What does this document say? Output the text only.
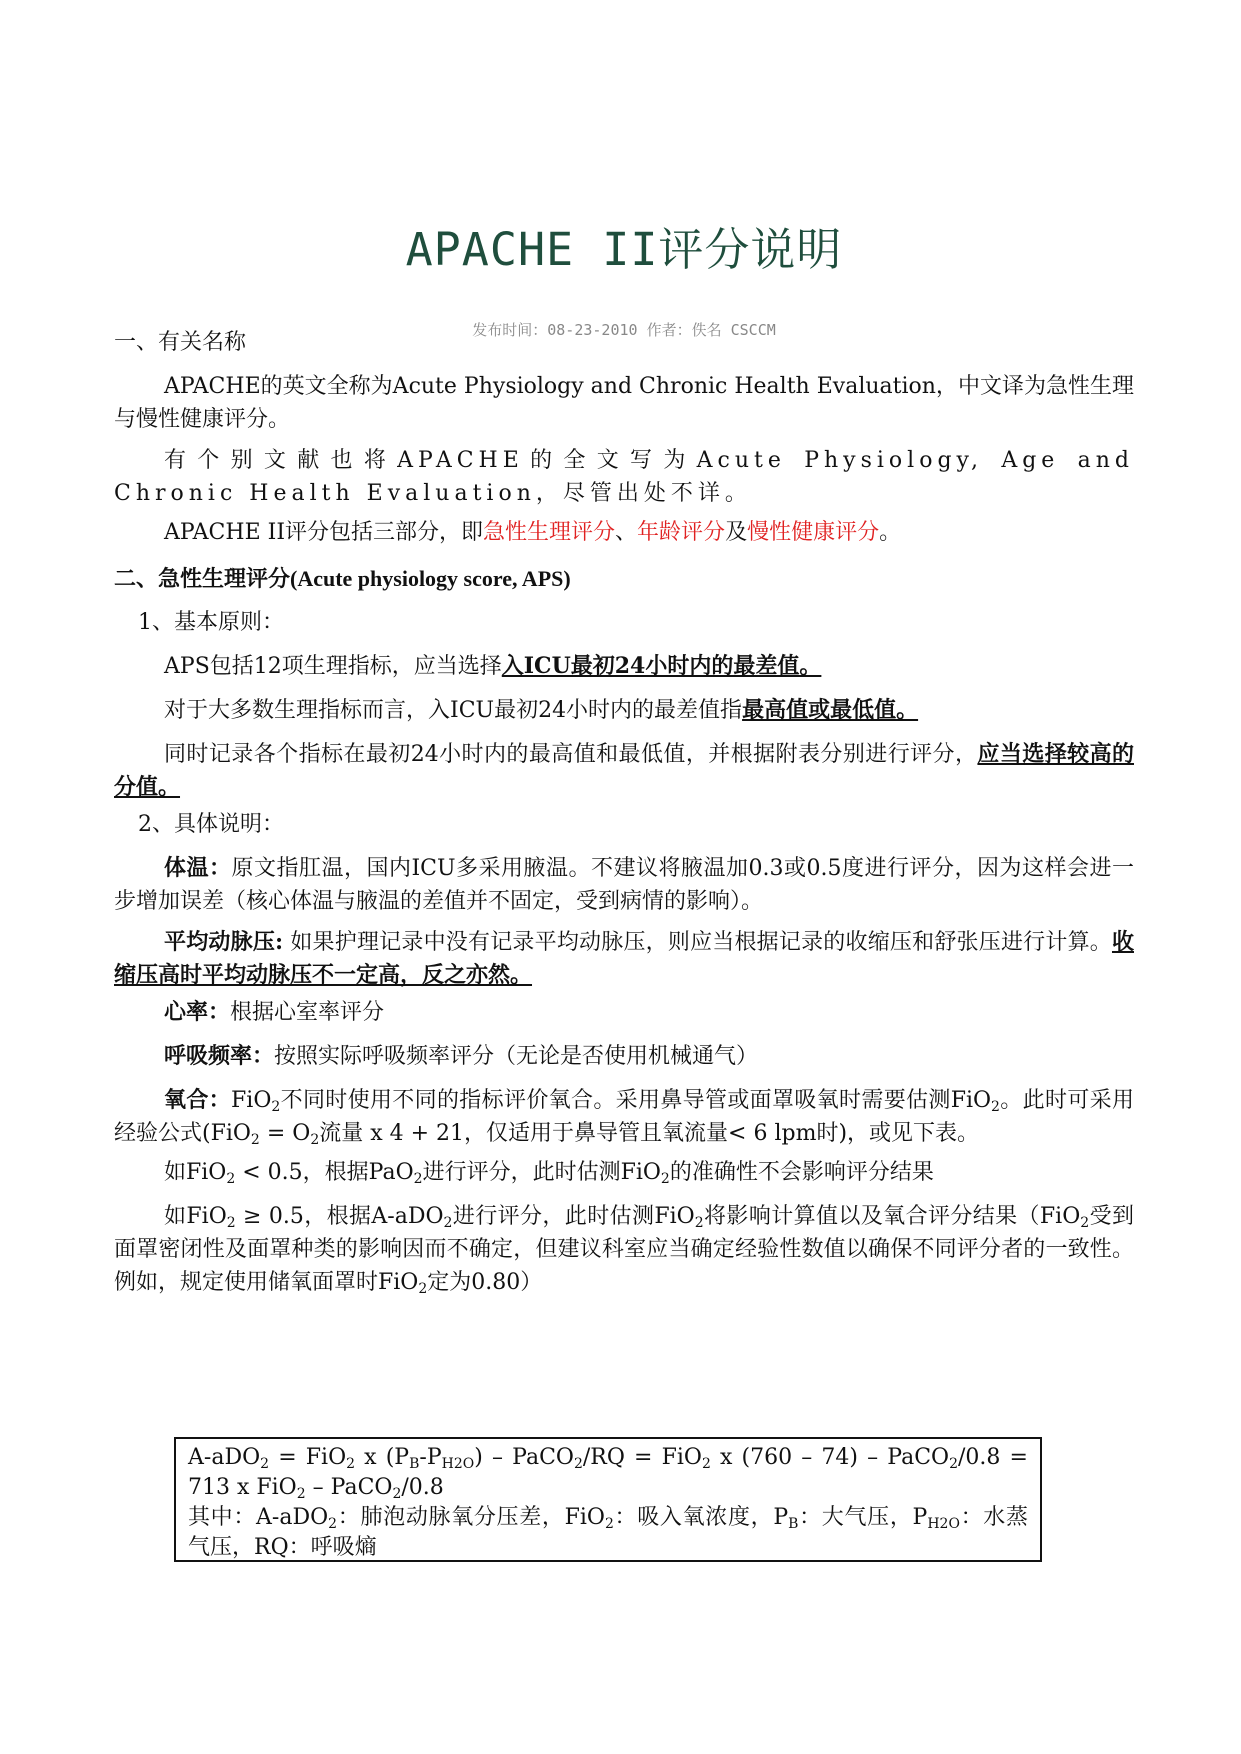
APACHE II评分说明
发布时间：08-23-2010 作者：佚名 CSCCM

一、有关名称

APACHE的英文全称为Acute Physiology and Chronic Health Evaluation，中文译为急性生理与慢性健康评分。

有个别文献也将APACHE的全文写为Acute Physiology, Age and Chronic Health Evaluation，尽管出处不详。

APACHE II评分包括三部分，即急性生理评分、年龄评分及慢性健康评分。

二、急性生理评分(Acute physiology score, APS)

1、基本原则：

APS包括12项生理指标，应当选择入ICU最初24小时内的最差值。

对于大多数生理指标而言，入ICU最初24小时内的最差值指最高值或最低值。

同时记录各个指标在最初24小时内的最高值和最低值，并根据附表分别进行评分，应当选择较高的分值。

2、具体说明：

体温：原文指肛温，国内ICU多采用腋温。不建议将腋温加0.3或0.5度进行评分，因为这样会进一步增加误差（核心体温与腋温的差值并不固定，受到病情的影响）。

平均动脉压: 如果护理记录中没有记录平均动脉压，则应当根据记录的收缩压和舒张压进行计算。收缩压高时平均动脉压不一定高，反之亦然。

心率：根据心室率评分

呼吸频率：按照实际呼吸频率评分（无论是否使用机械通气）

氧合：FiO$_2$不同时使用不同的指标评价氧合。采用鼻导管或面罩吸氧时需要估测FiO$_2$。此时可采用经验公式($FiO_2 = O_2$流量 x 4 + 21，仅适用于鼻导管且氧流量< 6 lpm时)，或见下表。

如FiO$_2$ < 0.5，根据PaO$_2$进行评分，此时估测FiO$_2$的准确性不会影响评分结果

如FiO$_2$ ≥ 0.5，根据A-aDO$_2$进行评分，此时估测FiO$_2$将影响计算值以及氧合评分结果（FiO$_2$受到面罩密闭性及面罩种类的影响因而不确定，但建议科室应当确定经验性数值以确保不同评分者的一致性。例如，规定使用储氧面罩时FiO$_2$定为0.80）

A-aDO$_2$ = FiO$_2$ x $(P_B-P_{H2O})$ – PaCO$_2$/RQ = FiO$_2$ x (760 – 74) – PaCO$_2$/0.8 = 713 x FiO$_2$ – PaCO$_2$/0.8

其中：A-aDO$_2$：肺泡动脉氧分压差，FiO$_2$：吸入氧浓度，$P_B$：大气压，$P_{H2O}$：水蒸气压，RQ：呼吸熵
